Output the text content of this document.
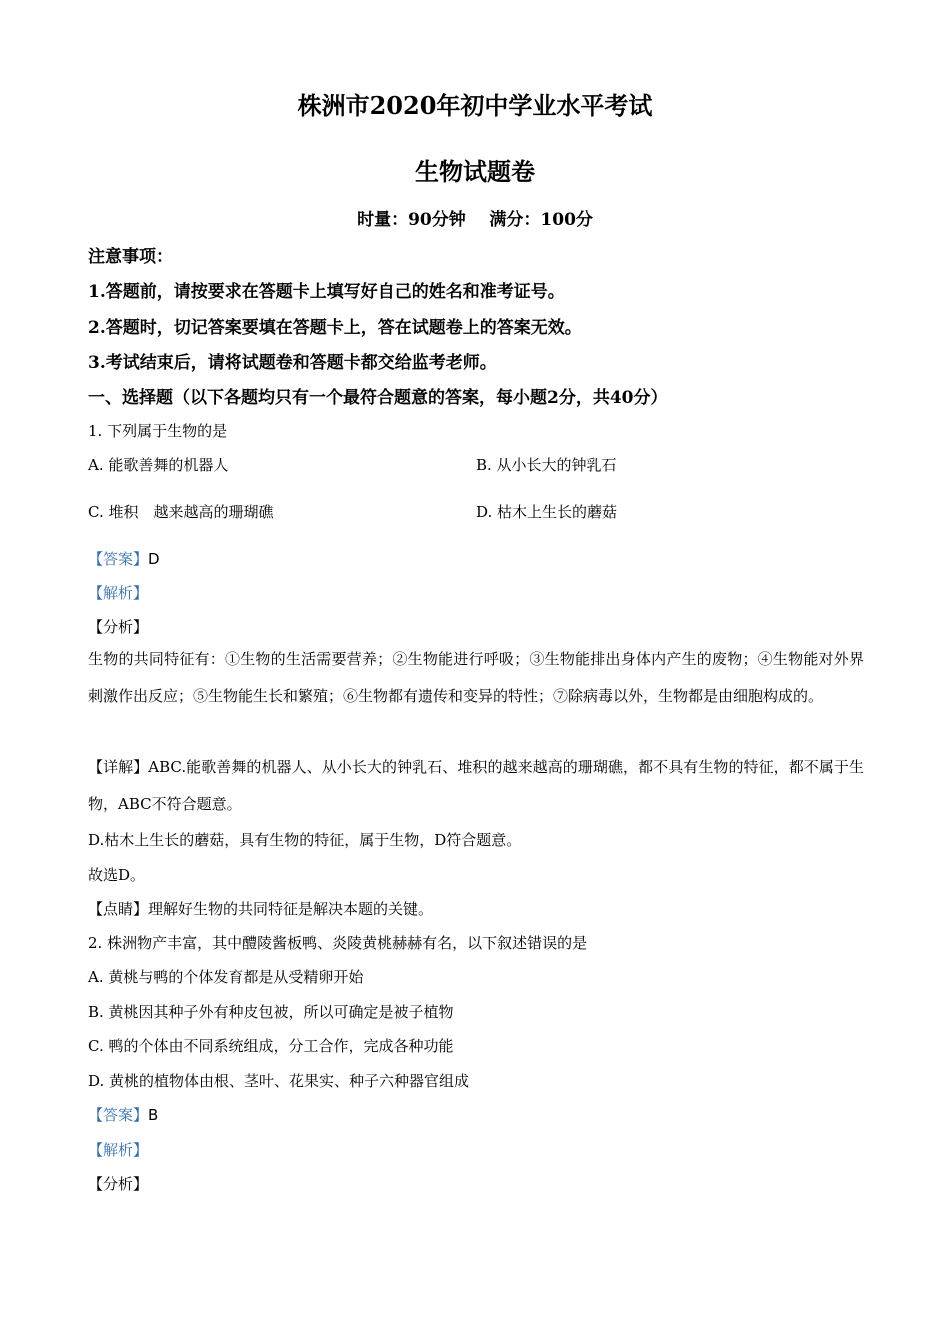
株洲市2020年初中学业水平考试
生物试题卷
时量：90分钟    满分：100分
注意事项：
1.答题前，请按要求在答题卡上填写好自己的姓名和准考证号。
2.答题时，切记答案要填在答题卡上，答在试题卷上的答案无效。
3.考试结束后，请将试题卷和答题卡都交给监考老师。
一、选择题（以下各题均只有一个最符合题意的答案，每小题2分，共40分）
1. 下列属于生物的是
A. 能歌善舞的机器人	B. 从小长大的钟乳石
C. 堆积　越来越高的珊瑚礁	D. 枯木上生长的蘑菇
【答案】D
【解析】
【分析】
生物的共同特征有：①生物的生活需要营养；②生物能进行呼吸；③生物能排出身体内产生的废物；④生物能对外界刺激作出反应；⑤生物能生长和繁殖；⑥生物都有遗传和变异的特性；⑦除病毒以外，生物都是由细胞构成的。
【详解】ABC.能歌善舞的机器人、从小长大的钟乳石、堆积的越来越高的珊瑚礁，都不具有生物的特征，都不属于生物，ABC不符合题意。
D.枯木上生长的蘑菇，具有生物的特征，属于生物，D符合题意。
故选D。
【点睛】理解好生物的共同特征是解决本题的关键。
2. 株洲物产丰富，其中醴陵酱板鸭、炎陵黄桃赫赫有名，以下叙述错误的是
A. 黄桃与鸭的个体发育都是从受精卵开始
B. 黄桃因其种子外有种皮包被，所以可确定是被子植物
C. 鸭的个体由不同系统组成，分工合作，完成各种功能
D. 黄桃的植物体由根、茎叶、花果实、种子六种器官组成
【答案】B
【解析】
【分析】
